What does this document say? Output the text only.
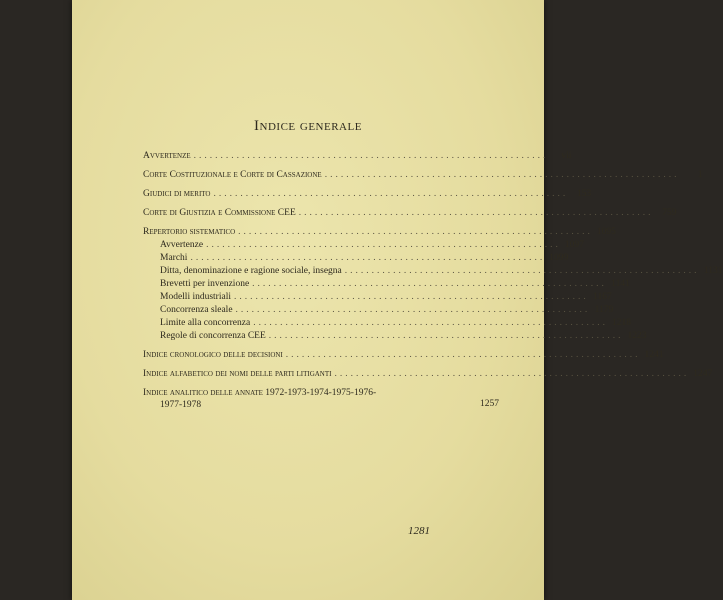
Indice generale
Avvertenze ..................................................................	vii
Corte Costituzionale e Corte di Cassazione ..................................................................	1
Giudici di merito .................................................................. 153
Corte di Giustizia e Commissione CEE .................................................................. 759
Repertorio sistematico .................................................................. 1095
Avvertenze .................................................................. 1097
Marchi .................................................................. 1099
Ditta, denominazione e ragione sociale, insegna .................................................................. 1131
Brevetti per invenzione .................................................................. 1141
Modelli industriali .................................................................. 1167
Concorrenza sleale .................................................................. 1179
Limite alla concorrenza .................................................................. 1218
Regole di concorrenza CEE .................................................................. 1223
Indice cronologico delle decisioni .................................................................. 1241
Indice alfabetico dei nomi delle parti litiganti .................................................................. 1247
Indice analitico delle annate 1972-1973-1974-1975-1976-
1977-1978	1257
1281
